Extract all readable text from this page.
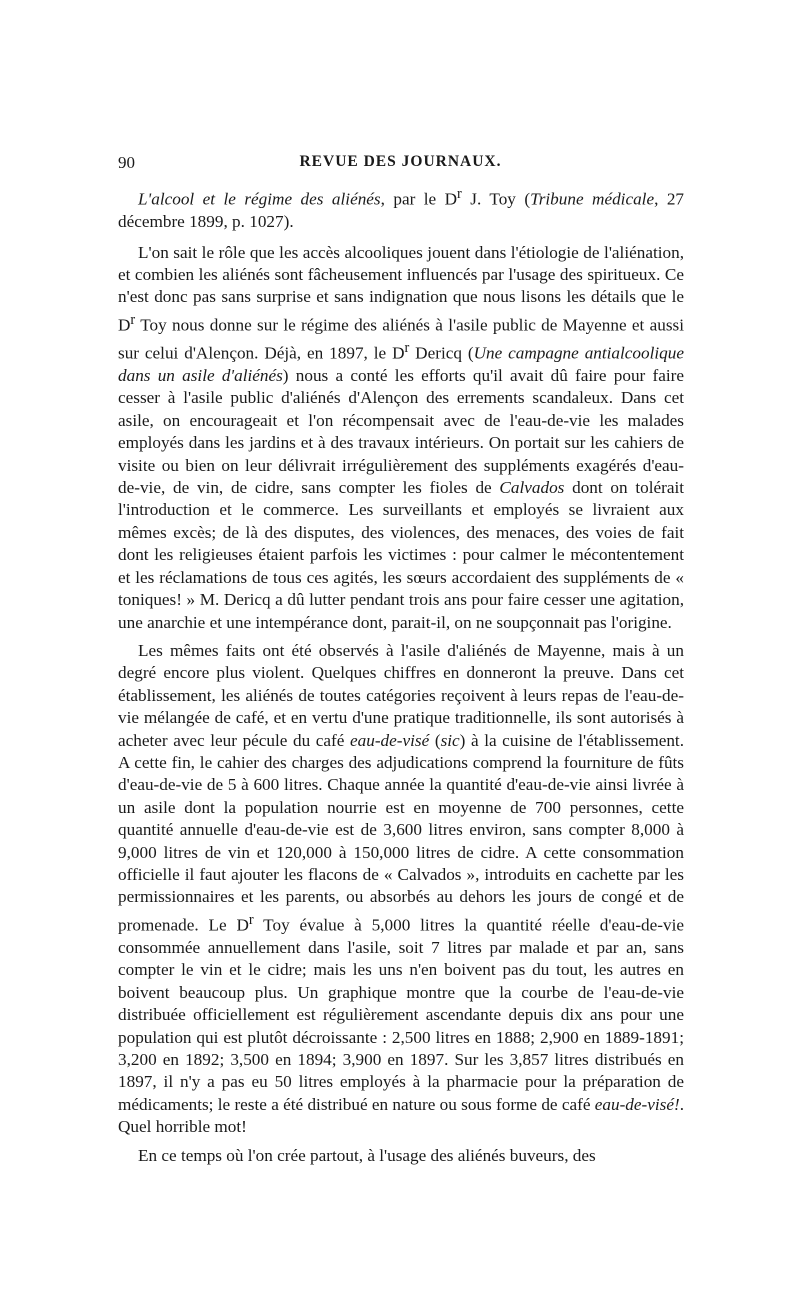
90	REVUE DES JOURNAUX.

L'alcool et le régime des aliénés, par le $D^r$ J. Toy (Tribune médicale, 27 décembre 1899, p. 1027).

L'on sait le rôle que les accès alcooliques jouent dans l'étiologie de l'aliénation, et combien les aliénés sont fâcheusement influencés par l'usage des spiritueux. Ce n'est donc pas sans surprise et sans indignation que nous lisons les détails que le $D^r$ Toy nous donne sur le régime des aliénés à l'asile public de Mayenne et aussi sur celui d'Alençon. Déjà, en 1897, le $D^r$ Dericq (Une campagne antialcoolique dans un asile d'aliénés) nous a conté les efforts qu'il avait dû faire pour faire cesser à l'asile public d'aliénés d'Alençon des errements scandaleux. Dans cet asile, on encourageait et l'on récompensait avec de l'eau-de-vie les malades employés dans les jardins et à des travaux intérieurs. On portait sur les cahiers de visite ou bien on leur délivrait irrégulièrement des suppléments exagérés d'eau-de-vie, de vin, de cidre, sans compter les fioles de Calvados dont on tolérait l'introduction et le commerce. Les surveillants et employés se livraient aux mêmes excès; de là des disputes, des violences, des menaces, des voies de fait dont les religieuses étaient parfois les victimes : pour calmer le mécontentement et les réclamations de tous ces agités, les sœurs accordaient des suppléments de « toniques! » M. Dericq a dû lutter pendant trois ans pour faire cesser une agitation, une anarchie et une intempérance dont, parait-il, on ne soupçonnait pas l'origine.

Les mêmes faits ont été observés à l'asile d'aliénés de Mayenne, mais à un degré encore plus violent. Quelques chiffres en donneront la preuve. Dans cet établissement, les aliénés de toutes catégories reçoivent à leurs repas de l'eau-de-vie mélangée de café, et en vertu d'une pratique traditionnelle, ils sont autorisés à acheter avec leur pécule du café eau-de-visé (sic) à la cuisine de l'établissement. A cette fin, le cahier des charges des adjudications comprend la fourniture de fûts d'eau-de-vie de 5 à 600 litres. Chaque année la quantité d'eau-de-vie ainsi livrée à un asile dont la population nourrie est en moyenne de 700 personnes, cette quantité annuelle d'eau-de-vie est de 3,600 litres environ, sans compter 8,000 à 9,000 litres de vin et 120,000 à 150,000 litres de cidre. A cette consommation officielle il faut ajouter les flacons de « Calvados », introduits en cachette par les permissionnaires et les parents, ou absorbés au dehors les jours de congé et de promenade. Le $D^r$ Toy évalue à 5,000 litres la quantité réelle d'eau-de-vie consommée annuellement dans l'asile, soit 7 litres par malade et par an, sans compter le vin et le cidre; mais les uns n'en boivent pas du tout, les autres en boivent beaucoup plus. Un graphique montre que la courbe de l'eau-de-vie distribuée officiellement est régulièrement ascendante depuis dix ans pour une population qui est plutôt décroissante : 2,500 litres en 1888; 2,900 en 1889-1891; 3,200 en 1892; 3,500 en 1894; 3,900 en 1897. Sur les 3,857 litres distribués en 1897, il n'y a pas eu 50 litres employés à la pharmacie pour la préparation de médicaments; le reste a été distribué en nature ou sous forme de café eau-de-visé!. Quel horrible mot!

En ce temps où l'on crée partout, à l'usage des aliénés buveurs, des
